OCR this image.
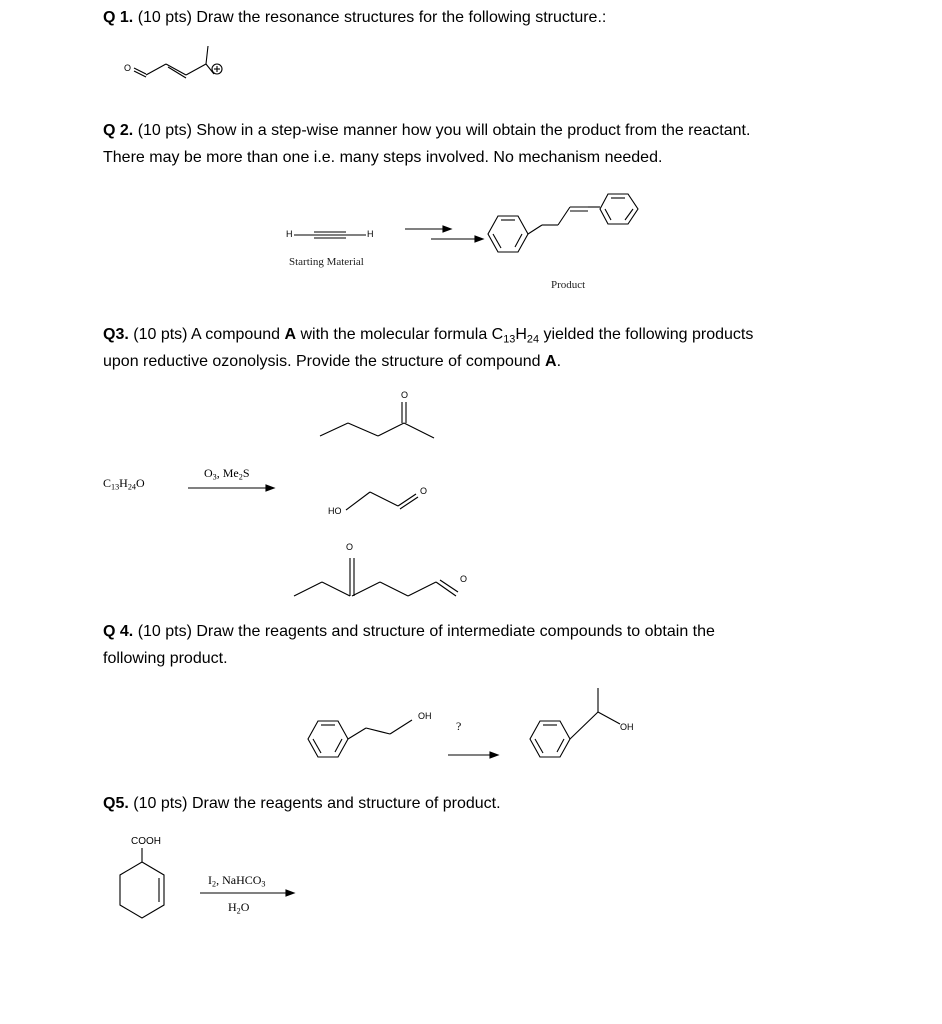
Q 1. (10 pts) Draw the resonance structures for the following structure.:
O
Q 2. (10 pts) Show in a step-wise manner how you will obtain the product from the reactant.
There may be more than one i.e. many steps involved. No mechanism needed.
H	H
Starting Material
Product
Q3. (10 pts) A compound A with the molecular formula $C_{13}H_{24}$ yielded the following products
upon reductive ozonolysis. Provide the structure of compound A.
$C_{13}H_{24}O$
$O_3$, $Me_2S$
O
HO
O
O
O
Q 4. (10 pts) Draw the reagents and structure of intermediate compounds to obtain the
following product.
OH
?	OH
Q5. (10 pts) Draw the reagents and structure of product.
COOH
$I_2$, NaHCO$_3$
$H_2O$
